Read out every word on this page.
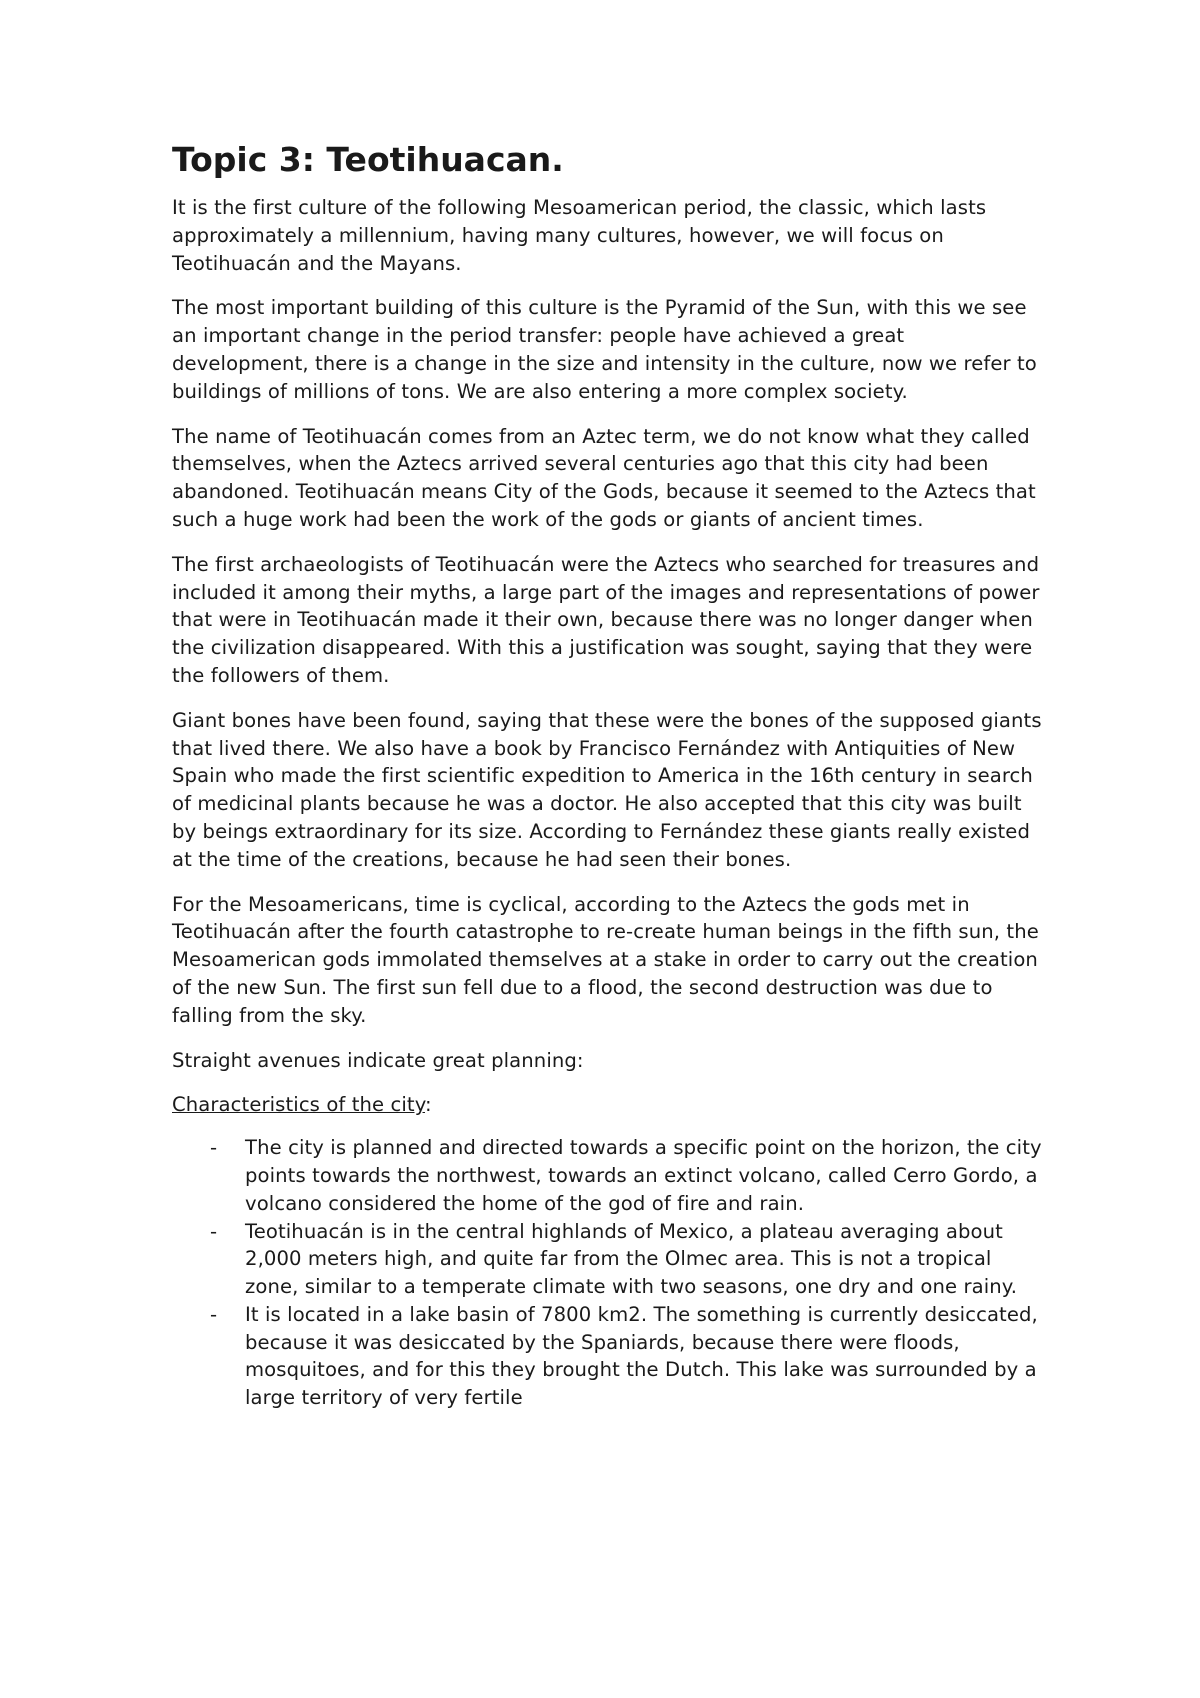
Topic 3: Teotihuacan.

It is the first culture of the following Mesoamerican period, the classic, which lasts approximately a millennium, having many cultures, however, we will focus on Teotihuacán and the Mayans.

The most important building of this culture is the Pyramid of the Sun, with this we see an important change in the period transfer: people have achieved a great development, there is a change in the size and intensity in the culture, now we refer to buildings of millions of tons. We are also entering a more complex society.

The name of Teotihuacán comes from an Aztec term, we do not know what they called themselves, when the Aztecs arrived several centuries ago that this city had been abandoned. Teotihuacán means City of the Gods, because it seemed to the Aztecs that such a huge work had been the work of the gods or giants of ancient times.

The first archaeologists of Teotihuacán were the Aztecs who searched for treasures and included it among their myths, a large part of the images and representations of power that were in Teotihuacán made it their own, because there was no longer danger when the civilization disappeared. With this a justification was sought, saying that they were the followers of them.

Giant bones have been found, saying that these were the bones of the supposed giants that lived there. We also have a book by Francisco Fernández with Antiquities of New Spain who made the first scientific expedition to America in the 16th century in search of medicinal plants because he was a doctor. He also accepted that this city was built by beings extraordinary for its size. According to Fernández these giants really existed at the time of the creations, because he had seen their bones.

For the Mesoamericans, time is cyclical, according to the Aztecs the gods met in Teotihuacán after the fourth catastrophe to re-create human beings in the fifth sun, the Mesoamerican gods immolated themselves at a stake in order to carry out the creation of the new Sun. The first sun fell due to a flood, the second destruction was due to falling from the sky.

Straight avenues indicate great planning:

Characteristics of the city:

- The city is planned and directed towards a specific point on the horizon, the city points towards the northwest, towards an extinct volcano, called Cerro Gordo, a volcano considered the home of the god of fire and rain.
- Teotihuacán is in the central highlands of Mexico, a plateau averaging about 2,000 meters high, and quite far from the Olmec area. This is not a tropical zone, similar to a temperate climate with two seasons, one dry and one rainy.
- It is located in a lake basin of 7800 km2. The something is currently desiccated, because it was desiccated by the Spaniards, because there were floods, mosquitoes, and for this they brought the Dutch. This lake was surrounded by a large territory of very fertile
